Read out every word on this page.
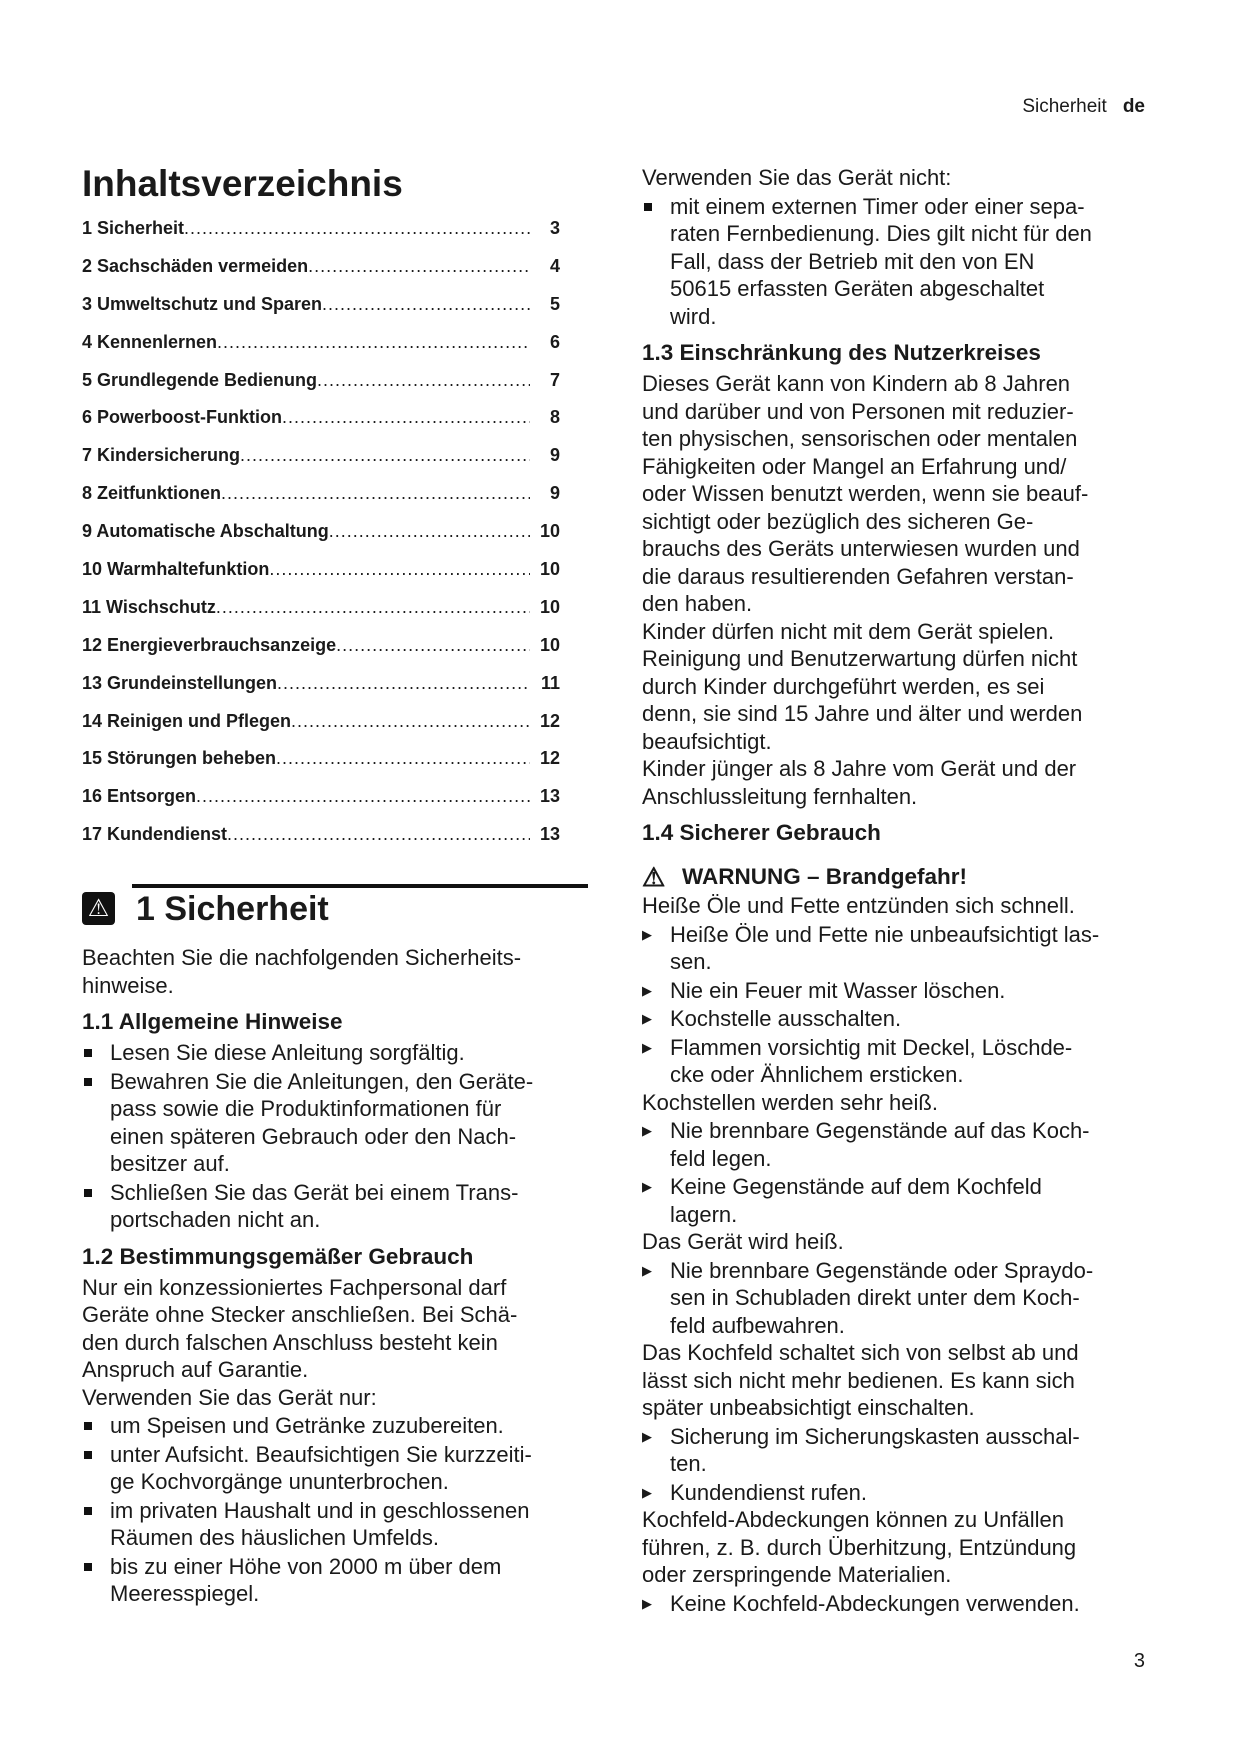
Sicherheit de
Inhaltsverzeichnis
1 Sicherheit .....	3
2 Sachschäden vermeiden .....	4
3 Umweltschutz und Sparen .....	5
4 Kennenlernen .....	6
5 Grundlegende Bedienung .....	7
6 Powerboost-Funktion .....	8
7 Kindersicherung .....	9
8 Zeitfunktionen .....	9
9 Automatische Abschaltung .....	10
10 Warmhaltefunktion .....	10
11 Wischschutz .....	10
12 Energieverbrauchsanzeige .....	10
13 Grundeinstellungen .....	11
14 Reinigen und Pflegen .....	12
15 Störungen beheben .....	12
16 Entsorgen .....	13
17 Kundendienst .....	13
⚠ 1 Sicherheit
Beachten Sie die nachfolgenden Sicherheits-
hinweise.
1.1 Allgemeine Hinweise
Lesen Sie diese Anleitung sorgfältig.
Bewahren Sie die Anleitungen, den Geräte-
pass sowie die Produktinformationen für
einen späteren Gebrauch oder den Nach-
besitzer auf.
Schließen Sie das Gerät bei einem Trans-
portschaden nicht an.
1.2 Bestimmungsgemäßer Gebrauch
Nur ein konzessioniertes Fachpersonal darf
Geräte ohne Stecker anschließen. Bei Schä-
den durch falschen Anschluss besteht kein
Anspruch auf Garantie.
Verwenden Sie das Gerät nur:
um Speisen und Getränke zuzubereiten.
unter Aufsicht. Beaufsichtigen Sie kurzzeiti-
ge Kochvorgänge ununterbrochen.
im privaten Haushalt und in geschlossenen
Räumen des häuslichen Umfelds.
bis zu einer Höhe von 2000 m über dem
Meeresspiegel.
Verwenden Sie das Gerät nicht:
mit einem externen Timer oder einer sepa-
raten Fernbedienung. Dies gilt nicht für den
Fall, dass der Betrieb mit den von EN
50615 erfassten Geräten abgeschaltet
wird.
1.3 Einschränkung des Nutzerkreises
Dieses Gerät kann von Kindern ab 8 Jahren
und darüber und von Personen mit reduzier-
ten physischen, sensorischen oder mentalen
Fähigkeiten oder Mangel an Erfahrung und/
oder Wissen benutzt werden, wenn sie beauf-
sichtigt oder bezüglich des sicheren Ge-
brauchs des Geräts unterwiesen wurden und
die daraus resultierenden Gefahren verstan-
den haben.
Kinder dürfen nicht mit dem Gerät spielen.
Reinigung und Benutzerwartung dürfen nicht
durch Kinder durchgeführt werden, es sei
denn, sie sind 15 Jahre und älter und werden
beaufsichtigt.
Kinder jünger als 8 Jahre vom Gerät und der
Anschlussleitung fernhalten.
1.4 Sicherer Gebrauch
⚠ WARNUNG – Brandgefahr!
Heiße Öle und Fette entzünden sich schnell.
▶ Heiße Öle und Fette nie unbeaufsichtigt las-
sen.
▶ Nie ein Feuer mit Wasser löschen.
▶ Kochstelle ausschalten.
▶ Flammen vorsichtig mit Deckel, Löschde-
cke oder Ähnlichem ersticken.
Kochstellen werden sehr heiß.
▶ Nie brennbare Gegenstände auf das Koch-
feld legen.
▶ Keine Gegenstände auf dem Kochfeld
lagern.
Das Gerät wird heiß.
▶ Nie brennbare Gegenstände oder Spraydo-
sen in Schubladen direkt unter dem Koch-
feld aufbewahren.
Das Kochfeld schaltet sich von selbst ab und
lässt sich nicht mehr bedienen. Es kann sich
später unbeabsichtigt einschalten.
▶ Sicherung im Sicherungskasten ausschal-
ten.
▶ Kundendienst rufen.
Kochfeld-Abdeckungen können zu Unfällen
führen, z. B. durch Überhitzung, Entzündung
oder zerspringende Materialien.
▶ Keine Kochfeld-Abdeckungen verwenden.
3
